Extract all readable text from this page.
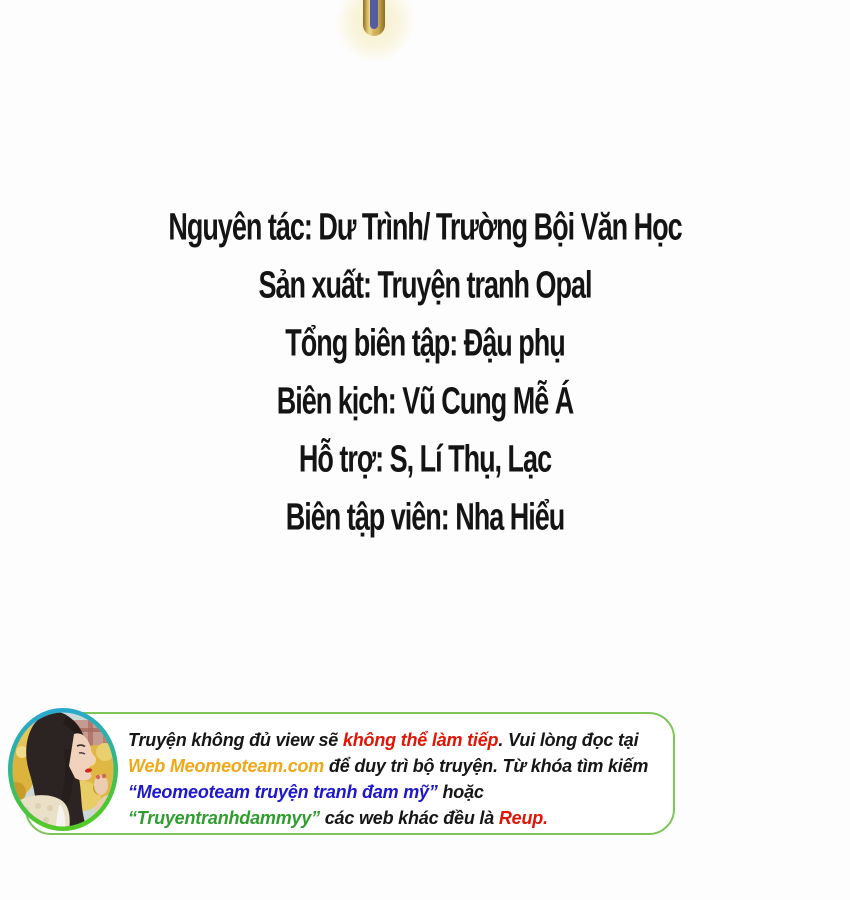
Nguyên tác: Dư Trình/ Trường Bội Văn Học
Sản xuất: Truyện tranh Opal
Tổng biên tập: Đậu phụ
Biên kịch: Vũ Cung Mễ Á
Hỗ trợ: S, Lí Thụ, Lạc
Biên tập viên: Nha Hiểu
Truyện không đủ view sẽ không thể làm tiếp. Vui lòng đọc tại
Web Meomeoteam.com để duy trì bộ truyện. Từ khóa tìm kiếm
“Meomeoteam truyện tranh đam mỹ” hoặc
“Truyentranhdammyy” các web khác đều là Reup.
